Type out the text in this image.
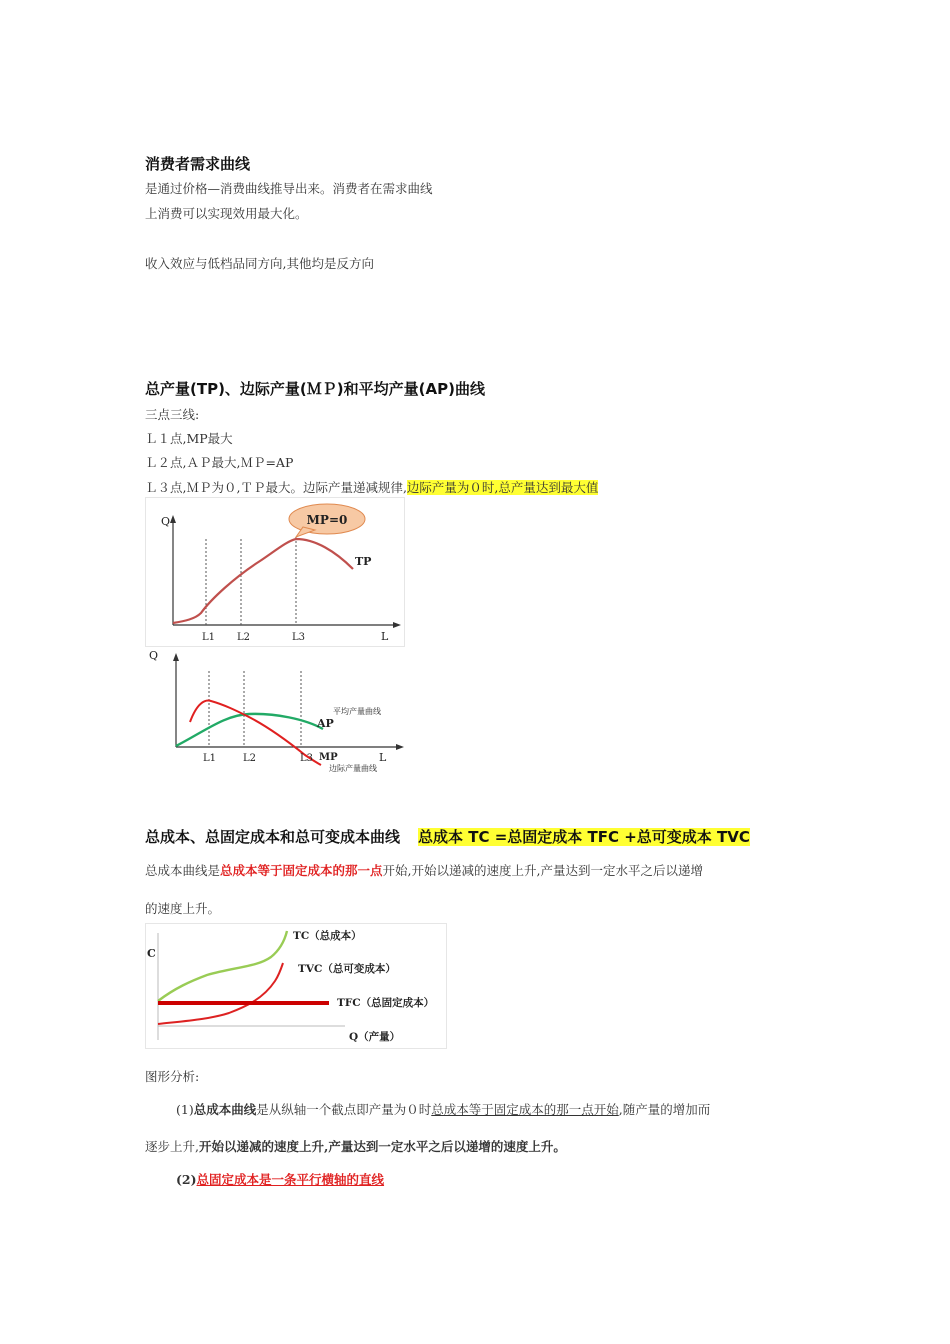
消费者需求曲线
是通过价格—消费曲线推导出来。消费者在需求曲线
上消费可以实现效用最大化。
收入效应与低档品同方向,其他均是反方向
总产量(TP)、边际产量(ＭＰ)和平均产量(AP)曲线
三点三线:
Ｌ１点,MP最大
Ｌ２点,ＡＰ最大,ＭＰ=AP
Ｌ３点,ＭＰ为０,ＴＰ最大。边际产量递减规律,边际产量为０时,总产量达到最大值
MP=0
TP
Q
L
L1 L2	L3
AP
平均产量曲线
MP
边际产量曲线
Q
L
L1	L2	L3
总成本、总固定成本和总可变成本曲线 总成本 TC =总固定成本 TFC +总可变成本 TVC
总成本曲线是总成本等于固定成本的那一点开始,开始以递减的速度上升,产量达到一定水平之后以递增
的速度上升。
C
TC（总成本）
TVC（总可变成本）
TFC（总固定成本）
Q（产量）
图形分析:
(1)总成本曲线是从纵轴一个截点即产量为０时总成本等于固定成本的那一点开始,随产量的增加而
逐步上升,开始以递减的速度上升,产量达到一定水平之后以递增的速度上升。
(2)总固定成本是一条平行横轴的直线
